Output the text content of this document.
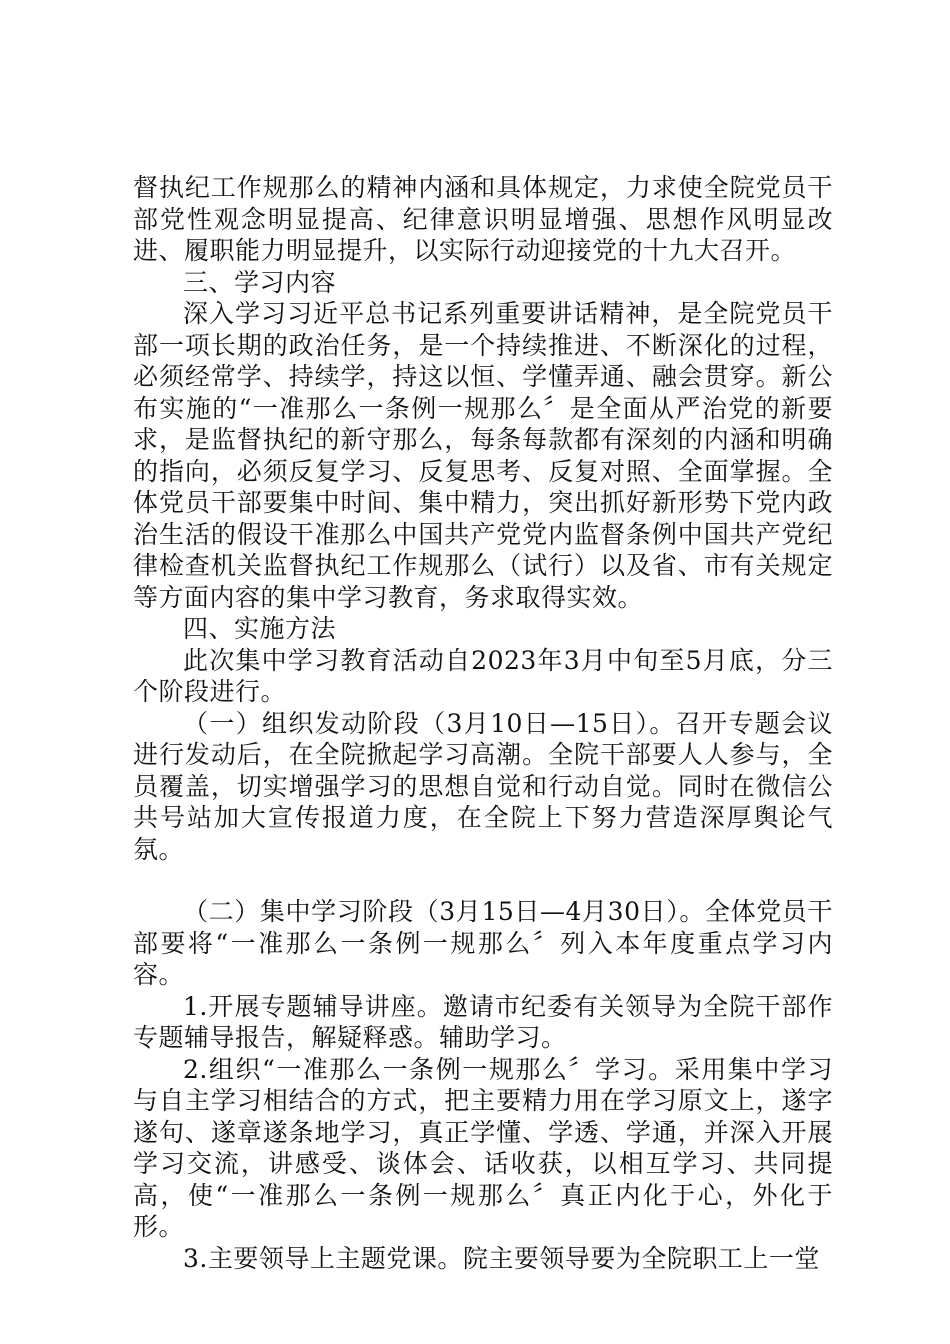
督执纪工作规那么的精神内涵和具体规定，力求使全院党员干部党性观念明显提高、纪律意识明显增强、思想作风明显改进、履职能力明显提升，以实际行动迎接党的十九大召开。

三、学习内容

深入学习习近平总书记系列重要讲话精神，是全院党员干部一项长期的政治任务，是一个持续推进、不断深化的过程，必须经常学、持续学，持这以恒、学懂弄通、融会贯穿。新公布实施的“一准那么一条例一规那么〞是全面从严治党的新要求，是监督执纪的新守那么，每条每款都有深刻的内涵和明确的指向，必须反复学习、反复思考、反复对照、全面掌握。全体党员干部要集中时间、集中精力，突出抓好新形势下党内政治生活的假设干准那么中国共产党党内监督条例中国共产党纪律检查机关监督执纪工作规那么（试行）以及省、市有关规定等方面内容的集中学习教育，务求取得实效。

四、实施方法

此次集中学习教育活动自2023年3月中旬至5月底，分三个阶段进行。

（一）组织发动阶段（3月10日—15日）。召开专题会议进行发动后，在全院掀起学习高潮。全院干部要人人参与，全员覆盖，切实增强学习的思想自觉和行动自觉。同时在微信公共号站加大宣传报道力度，在全院上下努力营造深厚舆论气氛。

（二）集中学习阶段（3月15日—4月30日）。全体党员干部要将“一准那么一条例一规那么〞列入本年度重点学习内容。

1.开展专题辅导讲座。邀请市纪委有关领导为全院干部作专题辅导报告，解疑释惑。辅助学习。

2.组织“一准那么一条例一规那么〞学习。采用集中学习与自主学习相结合的方式，把主要精力用在学习原文上，遂字遂句、遂章遂条地学习，真正学懂、学透、学通，并深入开展学习交流，讲感受、谈体会、话收获，以相互学习、共同提高，使“一准那么一条例一规那么〞真正内化于心，外化于形。

3.主要领导上主题党课。院主要领导要为全院职工上一堂
